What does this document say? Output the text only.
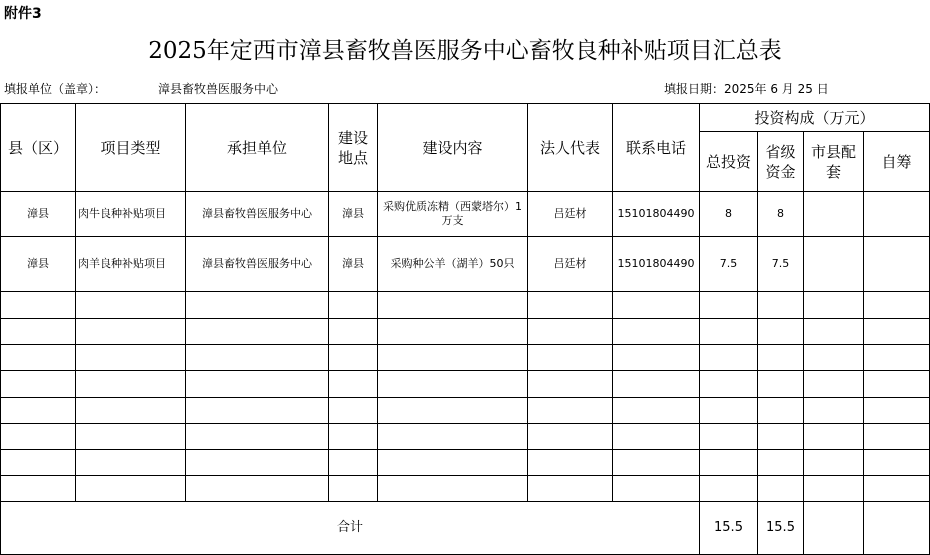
附件3
2025年定西市漳县畜牧兽医服务中心畜牧良种补贴项目汇总表
填报单位（盖章）：	漳县畜牧兽医服务中心	填报日期：2025年 6 月 25 日
县（区）	项目类型	承担单位	建设地点	建设内容	法人代表	联系电话	投资构成（万元）			
							总投资	省级资金	市县配套	自筹
漳县	肉牛良种补贴项目	漳县畜牧兽医服务中心	漳县	采购优质冻精（西蒙塔尔）1万支	吕廷材	15101804490	8	8		
漳县	肉羊良种补贴项目	漳县畜牧兽医服务中心	漳县	采购种公羊（湖羊）50只	吕廷材	15101804490	7.5	7.5		

合计							15.5	15.5		
